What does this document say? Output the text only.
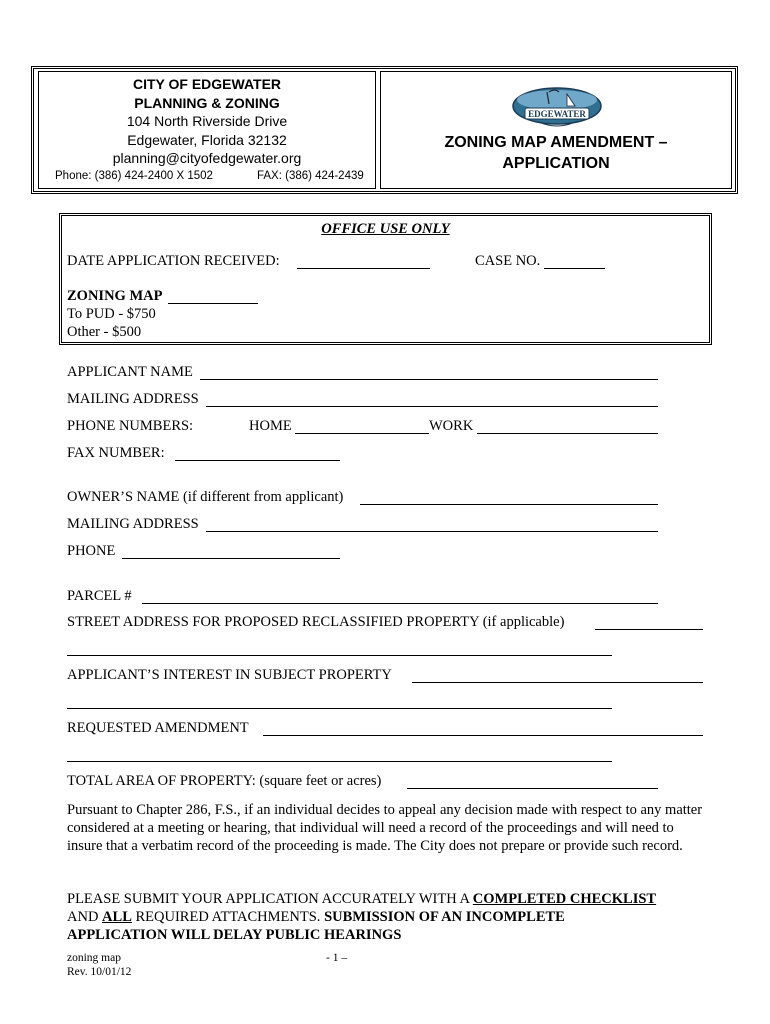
CITY OF EDGEWATER
PLANNING & ZONING
104 North Riverside Drive
Edgewater, Florida 32132
planning@cityofedgewater.org
Phone: (386) 424-2400 X 1502	FAX: (386) 424-2439
EDGEWATER
ZONING MAP AMENDMENT –
APPLICATION
OFFICE USE ONLY
DATE APPLICATION RECEIVED:	CASE NO.
ZONING MAP
To PUD - $750
Other - $500
APPLICANT NAME
MAILING ADDRESS
PHONE NUMBERS:	HOME	WORK
FAX NUMBER:
OWNER’S NAME (if different from applicant)
MAILING ADDRESS
PHONE
PARCEL #
STREET ADDRESS FOR PROPOSED RECLASSIFIED PROPERTY (if applicable)
APPLICANT’S INTEREST IN SUBJECT PROPERTY
REQUESTED AMENDMENT
TOTAL AREA OF PROPERTY: (square feet or acres)
Pursuant to Chapter 286, F.S., if an individual decides to appeal any decision made with respect to any matter considered at a meeting or hearing, that individual will need a record of the proceedings and will need to insure that a verbatim record of the proceeding is made. The City does not prepare or provide such record.
PLEASE SUBMIT YOUR APPLICATION ACCURATELY WITH A COMPLETED CHECKLIST
AND ALL REQUIRED ATTACHMENTS. SUBMISSION OF AN INCOMPLETE
APPLICATION WILL DELAY PUBLIC HEARINGS
zoning map
Rev. 10/01/12
- 1 –
